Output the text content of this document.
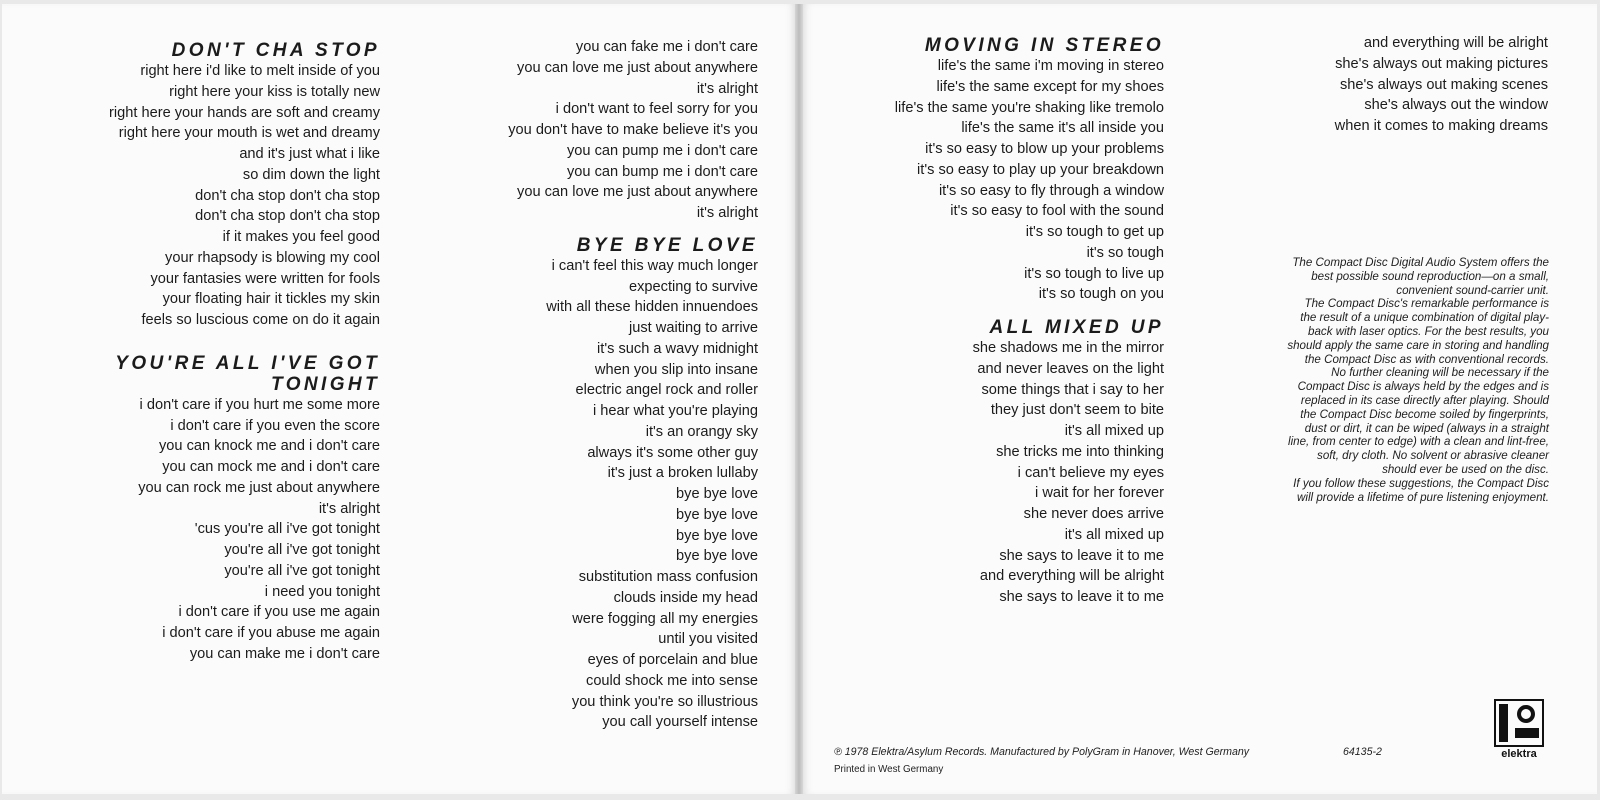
DON'T CHA STOP
right here i'd like to melt inside of you
right here your kiss is totally new
right here your hands are soft and creamy
right here your mouth is wet and dreamy
and it's just what i like
so dim down the light
don't cha stop don't cha stop
don't cha stop don't cha stop
if it makes you feel good
your rhapsody is blowing my cool
your fantasies were written for fools
your floating hair it tickles my skin
feels so luscious come on do it again
YOU'RE ALL I'VE GOT
TONIGHT
i don't care if you hurt me some more
i don't care if you even the score
you can knock me and i don't care
you can mock me and i don't care
you can rock me just about anywhere
it's alright
'cus you're all i've got tonight
you're all i've got tonight
you're all i've got tonight
i need you tonight
i don't care if you use me again
i don't care if you abuse me again
you can make me i don't care
you can fake me i don't care
you can love me just about anywhere
it's alright
i don't want to feel sorry for you
you don't have to make believe it's you
you can pump me i don't care
you can bump me i don't care
you can love me just about anywhere
it's alright
BYE BYE LOVE
i can't feel this way much longer
expecting to survive
with all these hidden innuendoes
just waiting to arrive
it's such a wavy midnight
when you slip into insane
electric angel rock and roller
i hear what you're playing
it's an orangy sky
always it's some other guy
it's just a broken lullaby
bye bye love
bye bye love
bye bye love
bye bye love
substitution mass confusion
clouds inside my head
were fogging all my energies
until you visited
eyes of porcelain and blue
could shock me into sense
you think you're so illustrious
you call yourself intense
MOVING IN STEREO
life's the same i'm moving in stereo
life's the same except for my shoes
life's the same you're shaking like tremolo
life's the same it's all inside you
it's so easy to blow up your problems
it's so easy to play up your breakdown
it's so easy to fly through a window
it's so easy to fool with the sound
it's so tough to get up
it's so tough
it's so tough to live up
it's so tough on you
ALL MIXED UP
she shadows me in the mirror
and never leaves on the light
some things that i say to her
they just don't seem to bite
it's all mixed up
she tricks me into thinking
i can't believe my eyes
i wait for her forever
she never does arrive
it's all mixed up
she says to leave it to me
and everything will be alright
she says to leave it to me
and everything will be alright
she's always out making pictures
she's always out making scenes
she's always out the window
when it comes to making dreams
The Compact Disc Digital Audio System offers the
best possible sound reproduction—on a small,
convenient sound-carrier unit.
The Compact Disc's remarkable performance is
the result of a unique combination of digital play-
back with laser optics. For the best results, you
should apply the same care in storing and handling
the Compact Disc as with conventional records.
No further cleaning will be necessary if the
Compact Disc is always held by the edges and is
replaced in its case directly after playing. Should
the Compact Disc become soiled by fingerprints,
dust or dirt, it can be wiped (always in a straight
line, from center to edge) with a clean and lint-free,
soft, dry cloth. No solvent or abrasive cleaner
should ever be used on the disc.
If you follow these suggestions, the Compact Disc
will provide a lifetime of pure listening enjoyment.
℗ 1978 Elektra/Asylum Records. Manufactured by PolyGram in Hanover, West Germany	64135-2
Printed in West Germany
elektra
